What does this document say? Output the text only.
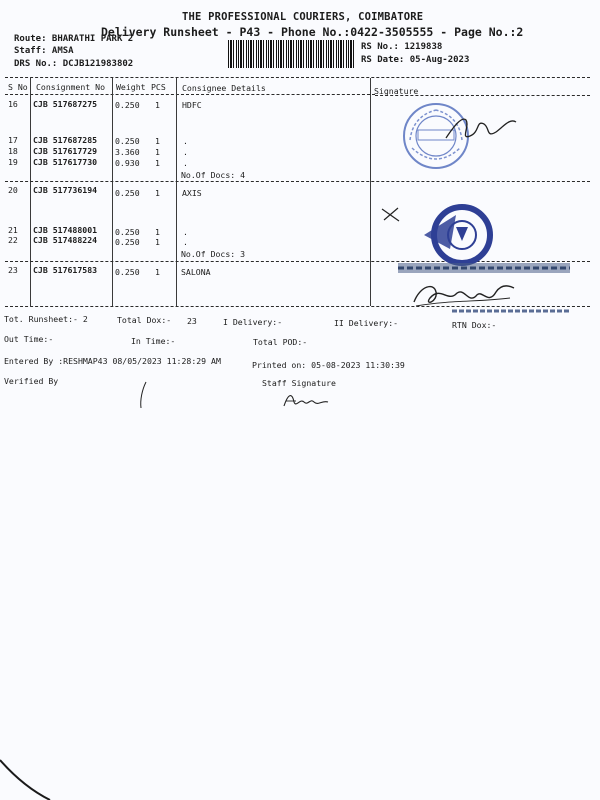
THE PROFESSIONAL COURIERS, COIMBATORE
Delivery Runsheet - P43 - Phone No.:0422-3505555 - Page No.:2
Route: BHARATHI PARK 2
Staff: AMSA
DRS No.: DCJB121983802
RS No.: 1219838
RS Date: 05-Aug-2023
S No Consignment No Weight PCS Consignee Details	Signature
16 CJB 517687275 0.250 1	HDFC
17 CJB 517687285 0.250 1	.
18 CJB 517617729 3.360 1	.
19 CJB 517617730 0.930 1	.
No.Of Docs: 4
20 CJB 517736194 0.250 1	AXIS
21 CJB 517488001 0.250 1	.
22 CJB 517488224 0.250 1	.
No.Of Docs: 3
23 CJB 517617583 0.250 1	SALONA
Tot. Runsheet:- 2	Total Dox:- 23	I Delivery:-	II Delivery:-	RTN Dox:-
Out Time:-	In Time:-	Total POD:-
Entered By :RESHMAP43 08/05/2023 11:28:29 AM	Printed on: 05-08-2023 11:30:39
Verified By	Staff Signature
